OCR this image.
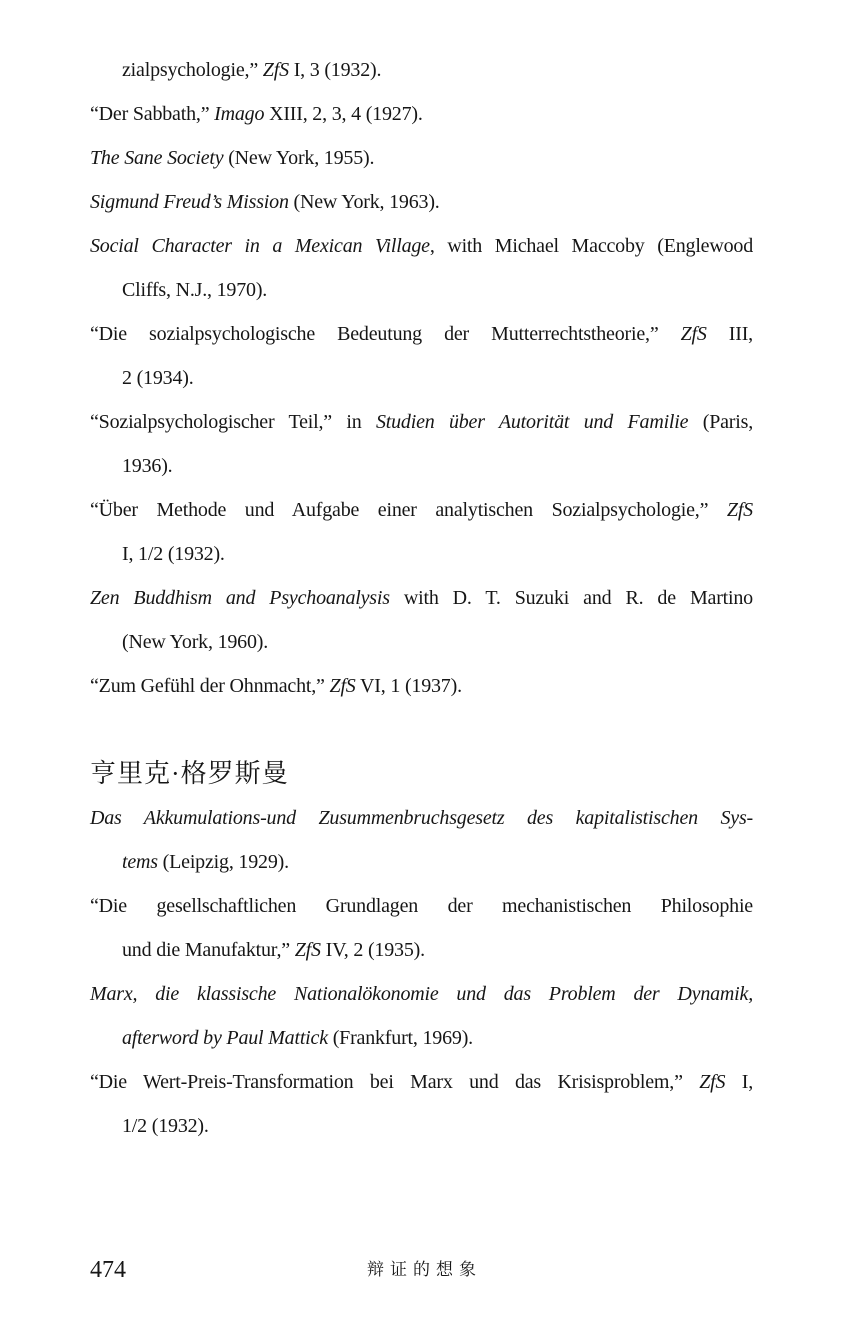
zialpsychologie,” ZfS I, 3 (1932).
“Der Sabbath,” Imago XIII, 2, 3, 4 (1927).
The Sane Society (New York, 1955).
Sigmund Freud’s Mission (New York, 1963).
Social Character in a Mexican Village, with Michael Maccoby (Englewood
Cliffs, N.J., 1970).
“Die sozialpsychologische Bedeutung der Mutterrechtstheorie,” ZfS III,
2 (1934).
“Sozialpsychologischer Teil,” in Studien über Autorität und Familie (Paris,
1936).
“Über Methode und Aufgabe einer analytischen Sozialpsychologie,” ZfS
I, 1/2 (1932).
Zen Buddhism and Psychoanalysis with D. T. Suzuki and R. de Martino
(New York, 1960).
“Zum Gefühl der Ohnmacht,” ZfS VI, 1 (1937).
亨里克·格罗斯曼
Das Akkumulations-und Zusummenbruchsgesetz des kapitalistischen Sys-
tems (Leipzig, 1929).
“Die gesellschaftlichen Grundlagen der mechanistischen Philosophie
und die Manufaktur,” ZfS IV, 2 (1935).
Marx, die klassische Nationalökonomie und das Problem der Dynamik,
afterword by Paul Mattick (Frankfurt, 1969).
“Die Wert-Preis-Transformation bei Marx und das Krisisproblem,” ZfS I,
1/2 (1932).
474	辩证的想象
